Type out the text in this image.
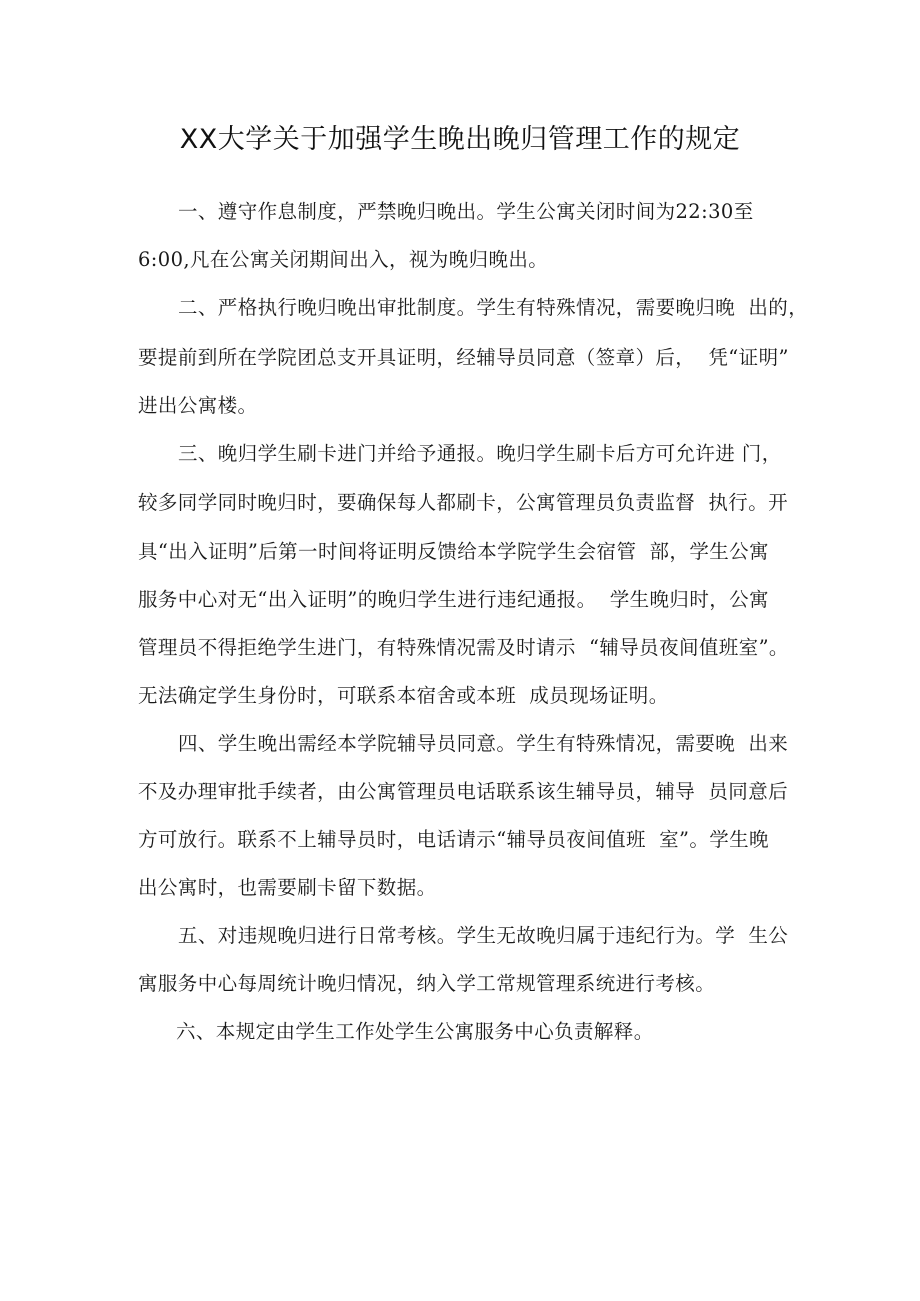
XX大学关于加强学生晚出晚归管理工作的规定
一、遵守作息制度，严禁晚归晚出。学生公寓关闭时间为22:30至
6:00,凡在公寓关闭期间出入，视为晚归晚出。
二、严格执行晚归晚出审批制度。学生有特殊情况，需要晚归晚  出的，
要提前到所在学院团总支开具证明，经辅导员同意（签章）后，  凭“证明”
进出公寓楼。
三、晚归学生刷卡进门并给予通报。晚归学生刷卡后方可允许进 门，
较多同学同时晚归时，要确保每人都刷卡，公寓管理员负责监督  执行。开
具“出入证明”后第一时间将证明反馈给本学院学生会宿管  部，学生公寓
服务中心对无“出入证明”的晚归学生进行违纪通报。  学生晚归时，公寓
管理员不得拒绝学生进门，有特殊情况需及时请示  “辅导员夜间值班室”。
无法确定学生身份时，可联系本宿舍或本班  成员现场证明。
四、学生晚出需经本学院辅导员同意。学生有特殊情况，需要晚  出来
不及办理审批手续者，由公寓管理员电话联系该生辅导员，辅导  员同意后
方可放行。联系不上辅导员时，电话请示“辅导员夜间值班  室”。学生晚
出公寓时，也需要刷卡留下数据。
五、对违规晚归进行日常考核。学生无故晚归属于违纪行为。学  生公
寓服务中心每周统计晚归情况，纳入学工常规管理系统进行考核。
六、本规定由学生工作处学生公寓服务中心负责解释。
